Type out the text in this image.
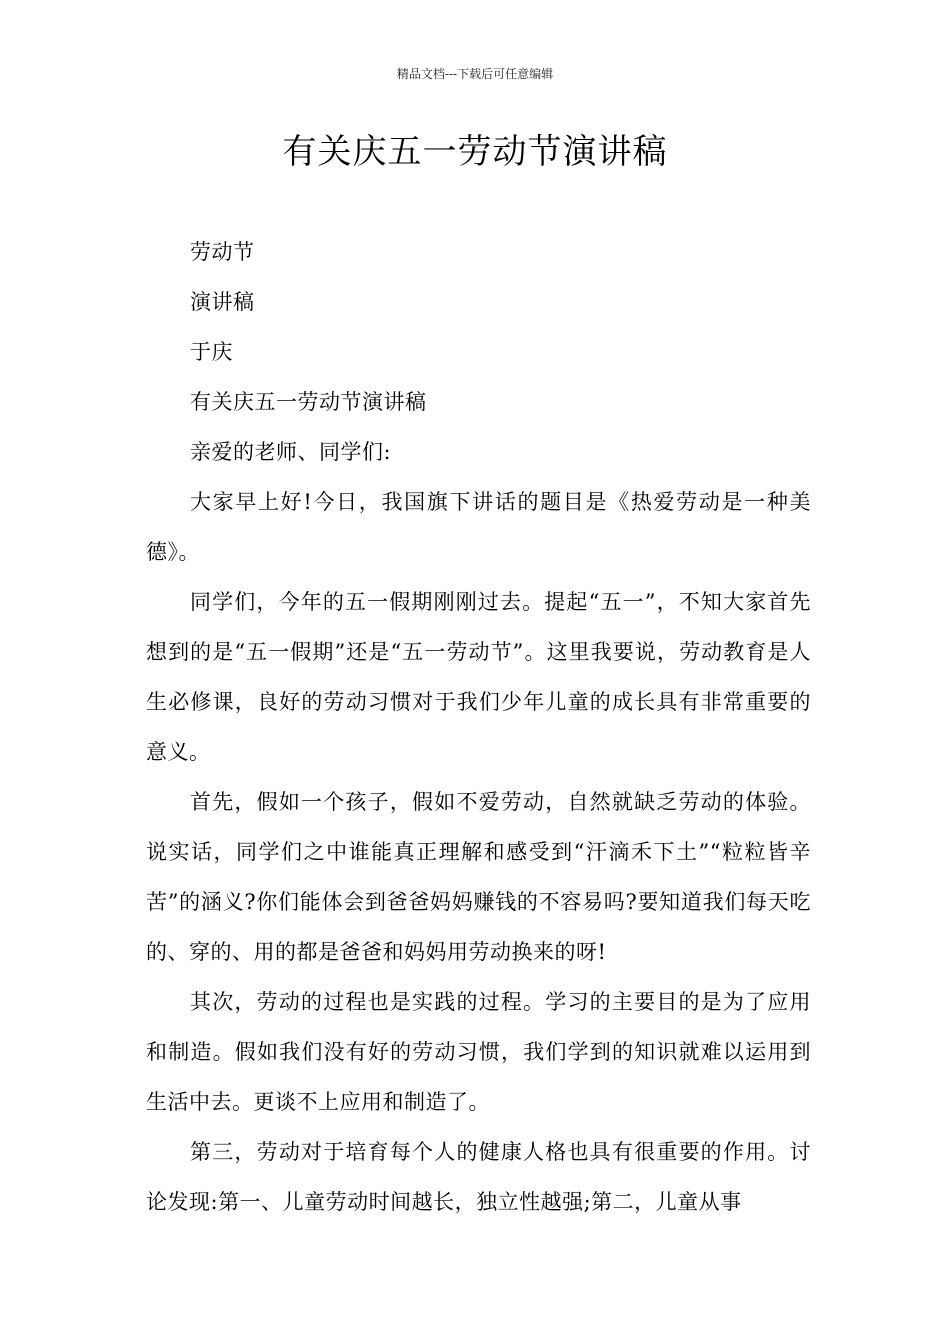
精品文档---下载后可任意编辑
有关庆五一劳动节演讲稿

劳动节

演讲稿

于庆

有关庆五一劳动节演讲稿

亲爱的老师、同学们:

大家早上好!今日，我国旗下讲话的题目是《热爱劳动是一种美德》。

同学们，今年的五一假期刚刚过去。提起“五一”，不知大家首先想到的是“五一假期”还是“五一劳动节”。这里我要说，劳动教育是人生必修课，良好的劳动习惯对于我们少年儿童的成长具有非常重要的意义。

首先，假如一个孩子，假如不爱劳动，自然就缺乏劳动的体验。说实话，同学们之中谁能真正理解和感受到“汗滴禾下土”“粒粒皆辛苦”的涵义?你们能体会到爸爸妈妈赚钱的不容易吗?要知道我们每天吃的、穿的、用的都是爸爸和妈妈用劳动换来的呀!

其次，劳动的过程也是实践的过程。学习的主要目的是为了应用和制造。假如我们没有好的劳动习惯，我们学到的知识就难以运用到生活中去。更谈不上应用和制造了。

第三，劳动对于培育每个人的健康人格也具有很重要的作用。讨论发现:第一、儿童劳动时间越长，独立性越强;第二，儿童从事
